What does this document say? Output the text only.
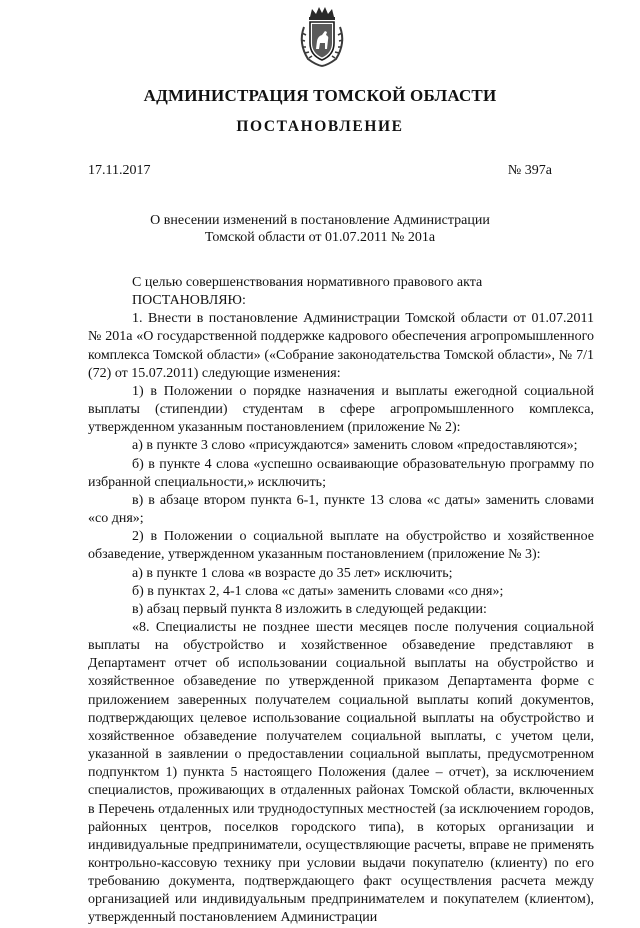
АДМИНИСТРАЦИЯ ТОМСКОЙ ОБЛАСТИ
ПОСТАНОВЛЕНИЕ
17.11.2017	№ 397а
О внесении изменений в постановление Администрации
Томской области от 01.07.2011 № 201а

С целью совершенствования нормативного правового акта

ПОСТАНОВЛЯЮ:

1. Внести в постановление Администрации Томской области от 01.07.2011 № 201а «О государственной поддержке кадрового обеспечения агропромышленного комплекса Томской области» («Собрание законодательства Томской области», № 7/1 (72) от 15.07.2011) следующие изменения:

1) в Положении о порядке назначения и выплаты ежегодной социальной выплаты (стипендии) студентам в сфере агропромышленного комплекса, утвержденном указанным постановлением (приложение № 2):

а) в пункте 3 слово «присуждаются» заменить словом «предоставляются»;

б) в пункте 4 слова «успешно осваивающие образовательную программу по избранной специальности,» исключить;

в) в абзаце втором пункта 6-1, пункте 13 слова «с даты» заменить словами «со дня»;

2) в Положении о социальной выплате на обустройство и хозяйственное обзаведение, утвержденном указанным постановлением (приложение № 3):

а) в пункте 1 слова «в возрасте до 35 лет» исключить;

б) в пунктах 2, 4-1 слова «с даты» заменить словами «со дня»;

в) абзац первый пункта 8 изложить в следующей редакции:

«8. Специалисты не позднее шести месяцев после получения социальной выплаты на обустройство и хозяйственное обзаведение представляют в Департамент отчет об использовании социальной выплаты на обустройство и хозяйственное обзаведение по утвержденной приказом Департамента форме с приложением заверенных получателем социальной выплаты копий документов, подтверждающих целевое использование социальной выплаты на обустройство и хозяйственное обзаведение получателем социальной выплаты, с учетом цели, указанной в заявлении о предоставлении социальной выплаты, предусмотренном подпунктом 1) пункта 5 настоящего Положения (далее – отчет), за исключением специалистов, проживающих в отдаленных районах Томской области, включенных в Перечень отдаленных или труднодоступных местностей (за исключением городов, районных центров, поселков городского типа), в которых организации и индивидуальные предприниматели, осуществляющие расчеты, вправе не применять контрольно-кассовую технику при условии выдачи покупателю (клиенту) по его требованию документа, подтверждающего факт осуществления расчета между организацией или индивидуальным предпринимателем и покупателем (клиентом), утвержденный постановлением Администрации
